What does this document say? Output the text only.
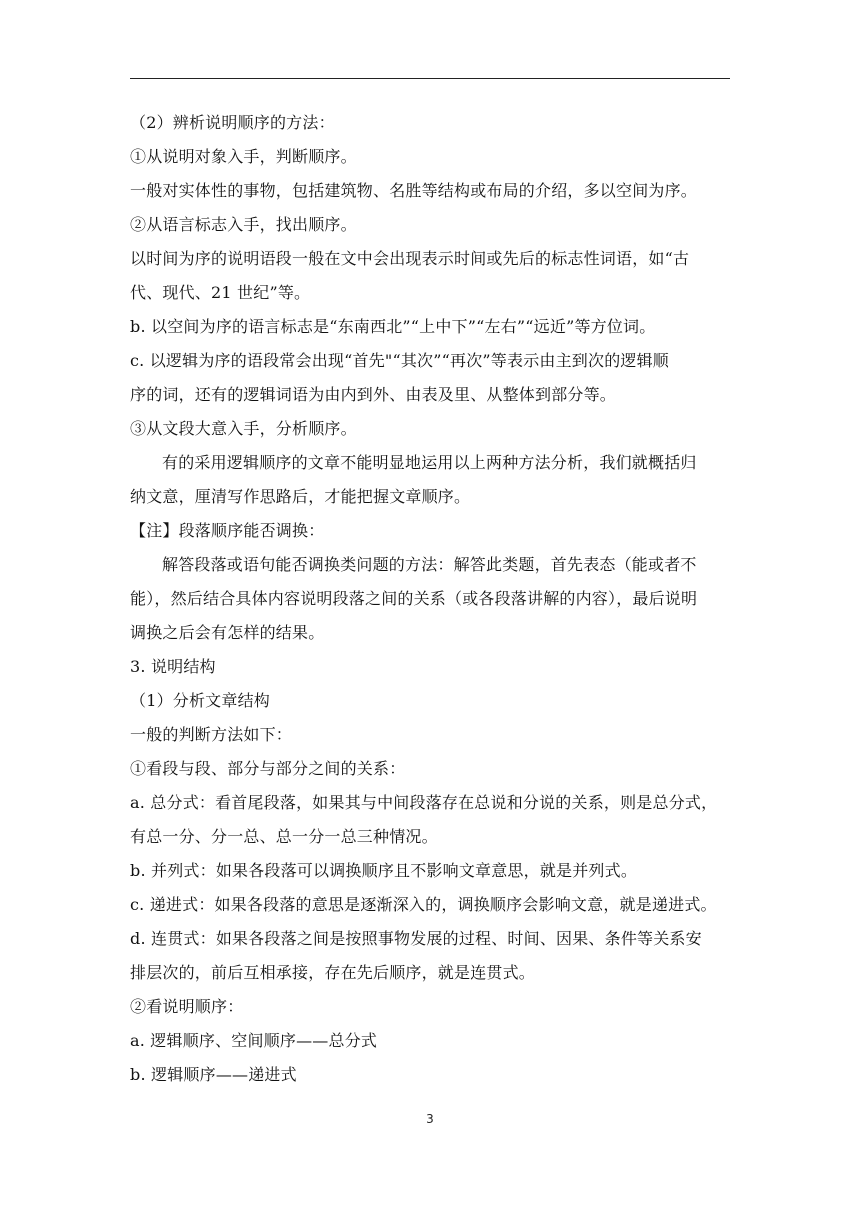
（2）辨析说明顺序的方法：
①从说明对象入手，判断顺序。
一般对实体性的事物，包括建筑物、名胜等结构或布局的介绍，多以空间为序。
②从语言标志入手，找出顺序。
以时间为序的说明语段一般在文中会出现表示时间或先后的标志性词语，如“古
代、现代、21 世纪”等。
b. 以空间为序的语言标志是“东南西北”“上中下”“左右”“远近”等方位词。
c. 以逻辑为序的语段常会出现“首先"“其次”“再次”等表示由主到次的逻辑顺
序的词，还有的逻辑词语为由内到外、由表及里、从整体到部分等。
③从文段大意入手，分析顺序。
有的采用逻辑顺序的文章不能明显地运用以上两种方法分析，我们就概括归
纳文意，厘清写作思路后，才能把握文章顺序。
【注】段落顺序能否调换：
解答段落或语句能否调换类问题的方法：解答此类题，首先表态（能或者不
能），然后结合具体内容说明段落之间的关系（或各段落讲解的内容），最后说明
调换之后会有怎样的结果。
3. 说明结构
（1）分析文章结构
一般的判断方法如下：
①看段与段、部分与部分之间的关系：
a. 总分式：看首尾段落，如果其与中间段落存在总说和分说的关系，则是总分式，
有总一分、分一总、总一分一总三种情况。
b. 并列式：如果各段落可以调换顺序且不影响文章意思，就是并列式。
c. 递进式：如果各段落的意思是逐渐深入的，调换顺序会影响文意，就是递进式。
d. 连贯式：如果各段落之间是按照事物发展的过程、时间、因果、条件等关系安
排层次的，前后互相承接，存在先后顺序，就是连贯式。
②看说明顺序：
a. 逻辑顺序、空间顺序——总分式
b. 逻辑顺序——递进式
3
